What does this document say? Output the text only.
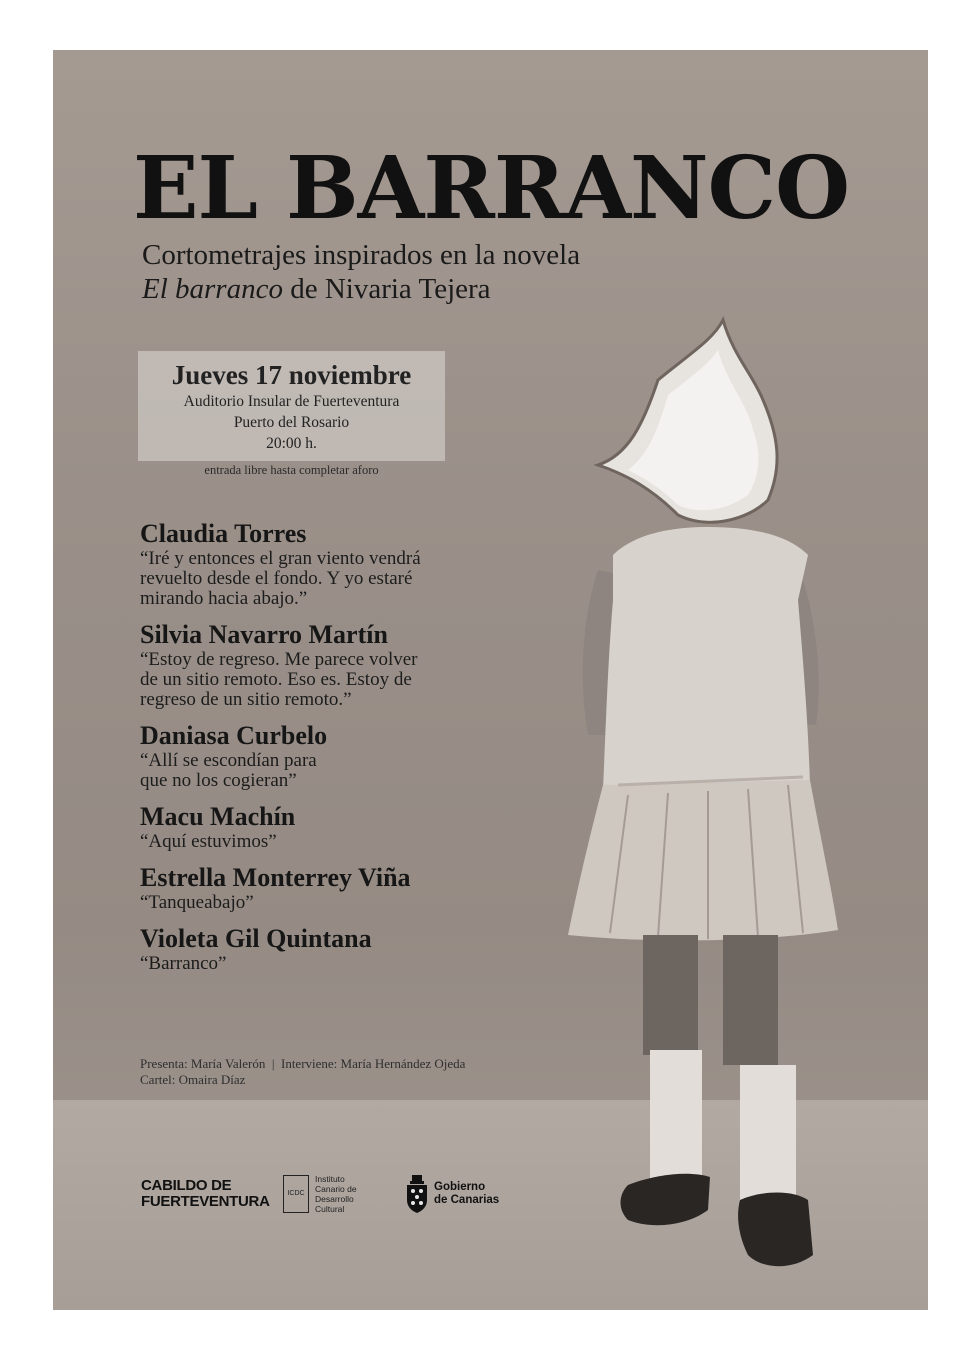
EL BARRANCO
Cortometrajes inspirados en la novela
El barranco de Nivaria Tejera
Jueves 17 noviembre
Auditorio Insular de Fuerteventura
Puerto del Rosario
20:00 h.
entrada libre hasta completar aforo
Claudia Torres
“Iré y entonces el gran viento vendrá
revuelto desde el fondo. Y yo estaré
mirando hacia abajo.”
Silvia Navarro Martín
“Estoy de regreso. Me parece volver
de un sitio remoto. Eso es. Estoy de
regreso de un sitio remoto.”
Daniasa Curbelo
“Allí se escondían para
que no los cogieran”
Macu Machín
“Aquí estuvimos”
Estrella Monterrey Viña
“Tanqueabajo”
Violeta Gil Quintana
“Barranco”
Presenta: María Valerón  |  Interviene: María Hernández Ojeda
Cartel: Omaira Díaz
CABILDO DE
FUERTEVENTURA	ICDC
Instituto
Canario de
Desarrollo
Cultural
Gobierno
de Canarias
